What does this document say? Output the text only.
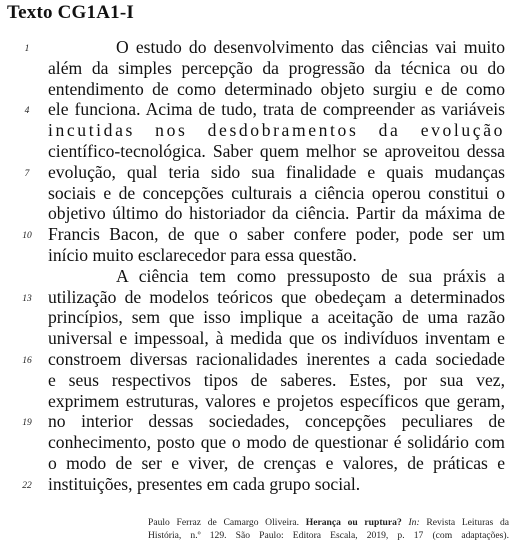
Texto CG1A1-I
1	O estudo do desenvolvimento das ciências vai muito
além da simples percepção da progressão da técnica ou do
entendimento de como determinado objeto surgiu e de como
4	ele funciona. Acima de tudo, trata de compreender as variáveis
incutidas nos desdobramentos da evolução
científico-tecnológica. Saber quem melhor se aproveitou dessa
7	evolução, qual teria sido sua finalidade e quais mudanças
sociais e de concepções culturais a ciência operou constitui o
objetivo último do historiador da ciência. Partir da máxima de
10 Francis Bacon, de que o saber confere poder, pode ser um
início muito esclarecedor para essa questão.
A ciência tem como pressuposto de sua práxis a
13 utilização de modelos teóricos que obedeçam a determinados
princípios, sem que isso implique a aceitação de uma razão
universal e impessoal, à medida que os indivíduos inventam e
16 constroem diversas racionalidades inerentes a cada sociedade
e seus respectivos tipos de saberes. Estes, por sua vez,
exprimem estruturas, valores e projetos específicos que geram,
19 no interior dessas sociedades, concepções peculiares de
conhecimento, posto que o modo de questionar é solidário com
o modo de ser e viver, de crenças e valores, de práticas e
22 instituições, presentes em cada grupo social.
Paulo Ferraz de Camargo Oliveira. Herança ou ruptura? In: Revista Leituras da
História, n.º 129. São Paulo: Editora Escala, 2019, p. 17 (com adaptações).
